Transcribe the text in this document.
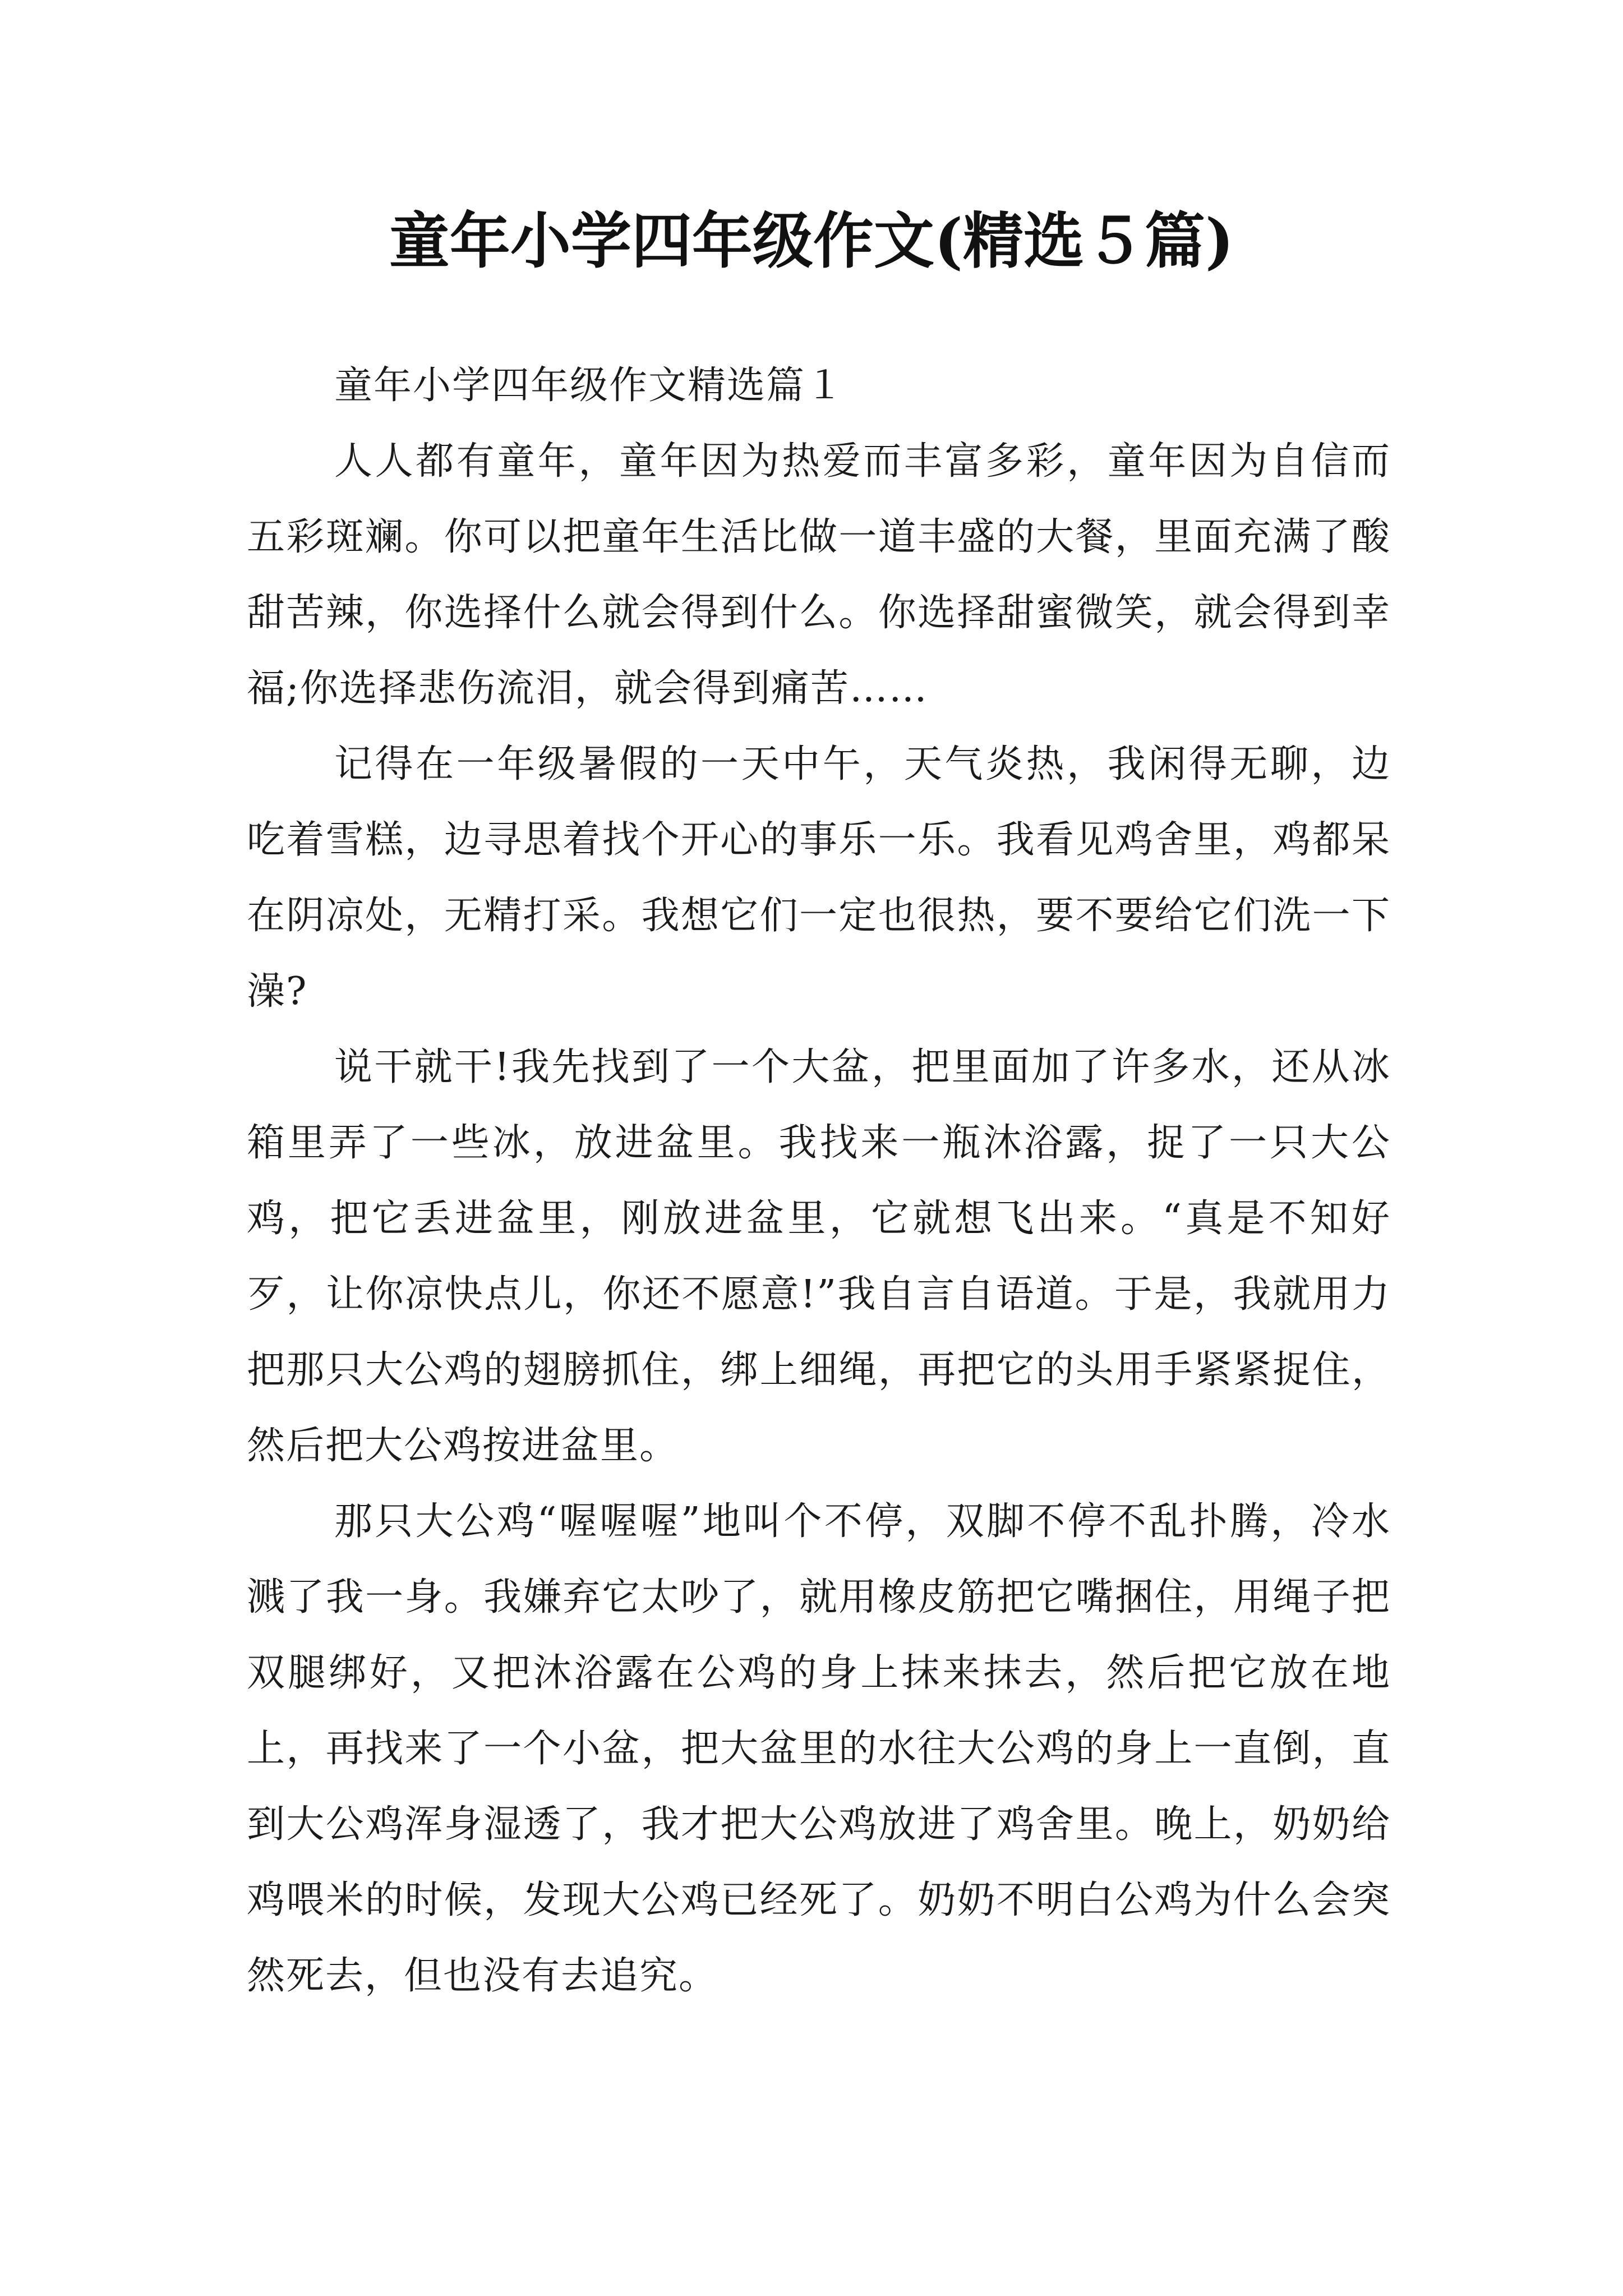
童年小学四年级作文(精选５篇)

童年小学四年级作文精选篇１

人人都有童年，童年因为热爱而丰富多彩，童年因为自信而五彩斑斓。你可以把童年生活比做一道丰盛的大餐，里面充满了酸甜苦辣，你选择什么就会得到什么。你选择甜蜜微笑，就会得到幸福;你选择悲伤流泪，就会得到痛苦……

记得在一年级暑假的一天中午，天气炎热，我闲得无聊，边吃着雪糕，边寻思着找个开心的事乐一乐。我看见鸡舍里，鸡都呆在阴凉处，无精打采。我想它们一定也很热，要不要给它们洗一下澡?

说干就干!我先找到了一个大盆，把里面加了许多水，还从冰箱里弄了一些冰，放进盆里。我找来一瓶沐浴露，捉了一只大公鸡，把它丢进盆里，刚放进盆里，它就想飞出来。“真是不知好歹，让你凉快点儿，你还不愿意!”我自言自语道。于是，我就用力把那只大公鸡的翅膀抓住，绑上细绳，再把它的头用手紧紧捉住，然后把大公鸡按进盆里。

那只大公鸡“喔喔喔”地叫个不停，双脚不停不乱扑腾，冷水溅了我一身。我嫌弃它太吵了，就用橡皮筋把它嘴捆住，用绳子把双腿绑好，又把沐浴露在公鸡的身上抹来抹去，然后把它放在地上，再找来了一个小盆，把大盆里的水往大公鸡的身上一直倒，直到大公鸡浑身湿透了，我才把大公鸡放进了鸡舍里。晚上，奶奶给鸡喂米的时候，发现大公鸡已经死了。奶奶不明白公鸡为什么会突然死去，但也没有去追究。
